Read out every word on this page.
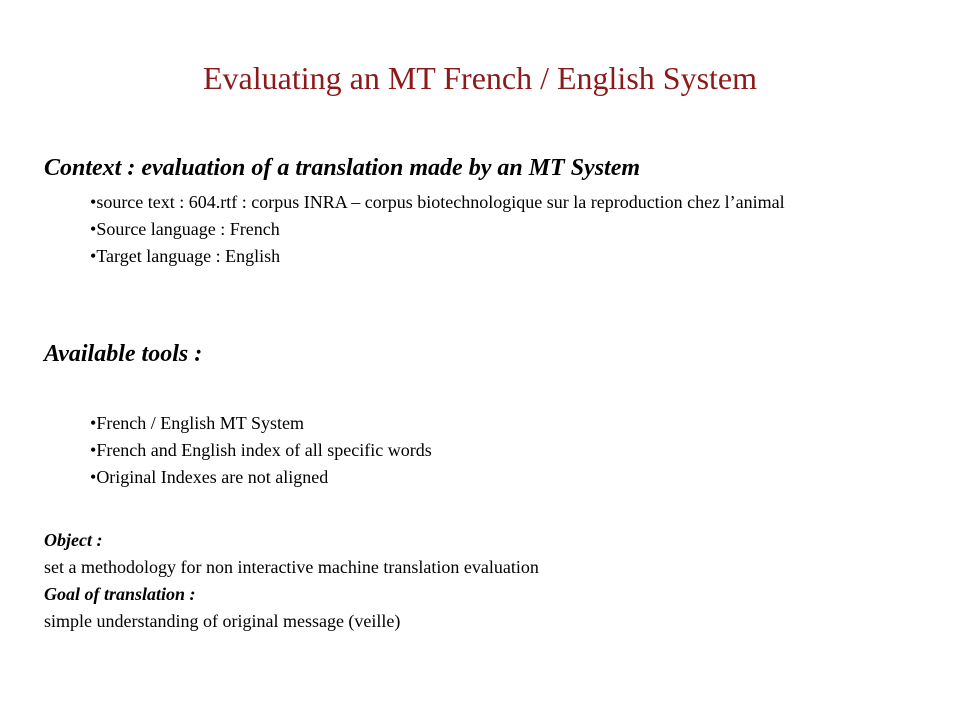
Evaluating an MT French / English System
Context : evaluation of a translation made by an MT System
• source text : 604.rtf : corpus INRA – corpus biotechnologique sur la reproduction chez l’animal
• Source language : French
• Target language : English
Available tools :
• French / English MT System
• French and English index of all specific words
• Original Indexes are not aligned
Object :
set a methodology for non interactive machine translation evaluation
Goal of translation :
simple understanding of original message (veille)
